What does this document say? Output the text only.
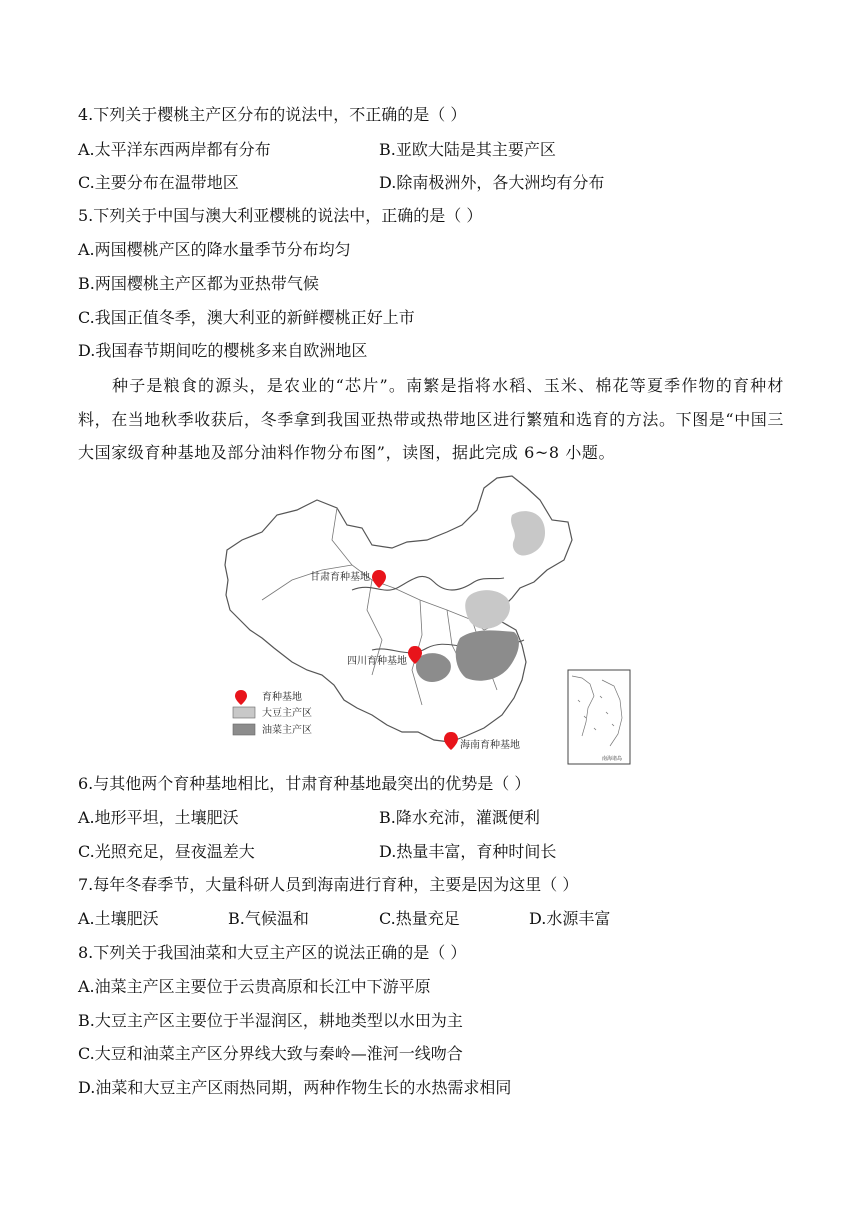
4.下列关于樱桃主产区分布的说法中，不正确的是（ ）
A.太平洋东西两岸都有分布	B.亚欧大陆是其主要产区
C.主要分布在温带地区	D.除南极洲外，各大洲均有分布
5.下列关于中国与澳大利亚樱桃的说法中，正确的是（ ）
A.两国樱桃产区的降水量季节分布均匀
B.两国樱桃主产区都为亚热带气候
C.我国正值冬季，澳大利亚的新鲜樱桃正好上市
D.我国春节期间吃的樱桃多来自欧洲地区
种子是粮食的源头，是农业的“芯片”。南繁是指将水稻、玉米、棉花等夏季作物的育种材料，在当地秋季收获后，冬季拿到我国亚热带或热带地区进行繁殖和选育的方法。下图是“中国三大国家级育种基地及部分油料作物分布图”，读图，据此完成 6~8 小题。
甘肃育种基地
四川育种基地
海南育种基地
育种基地
大豆主产区
油菜主产区
南海诸岛
6.与其他两个育种基地相比，甘肃育种基地最突出的优势是（ ）
A.地形平坦，土壤肥沃	B.降水充沛，灌溉便利
C.光照充足，昼夜温差大	D.热量丰富，育种时间长
7.每年冬春季节，大量科研人员到海南进行育种，主要是因为这里（ ）
A.土壤肥沃	B.气候温和	C.热量充足	D.水源丰富
8.下列关于我国油菜和大豆主产区的说法正确的是（ ）
A.油菜主产区主要位于云贵高原和长江中下游平原
B.大豆主产区主要位于半湿润区，耕地类型以水田为主
C.大豆和油菜主产区分界线大致与秦岭—淮河一线吻合
D.油菜和大豆主产区雨热同期，两种作物生长的水热需求相同
